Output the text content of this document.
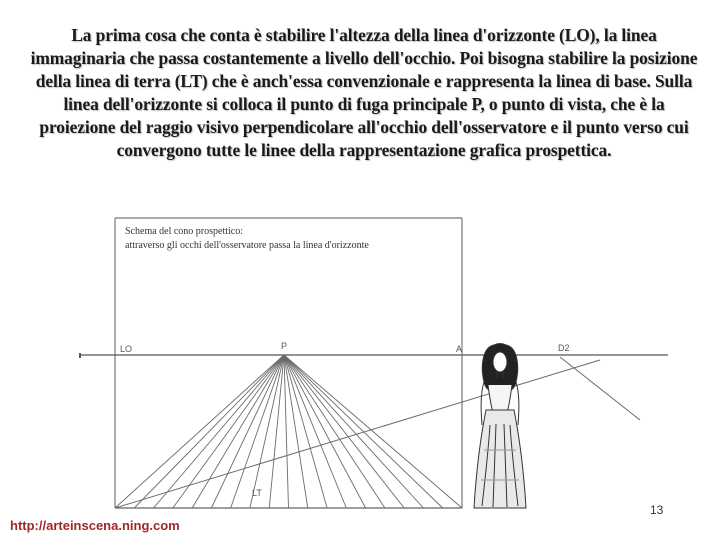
La prima cosa che conta è stabilire l'altezza della linea d'orizzonte (LO), la linea immaginaria che passa costantemente a livello dell'occhio. Poi bisogna stabilire la posizione della linea di terra (LT) che è anch'essa convenzionale e rappresenta la linea di base. Sulla linea dell'orizzonte si colloca il punto di fuga principale P, o punto di vista, che è la proiezione del raggio visivo perpendicolare all'occhio dell'osservatore e il punto verso cui convergono tutte le linee della rappresentazione grafica prospettica.

Schema del cono prospettico:
attraverso gli occhi dell'osservatore passa la linea d'orizzonte
LO	P	A	D2
LT
13
http://arteinscena.ning.com
